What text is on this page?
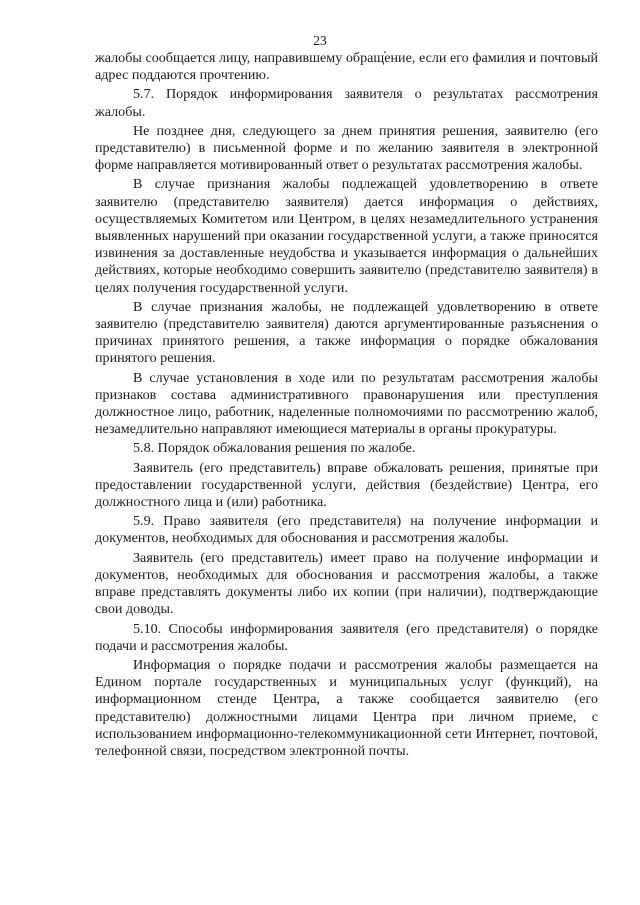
23

жалобы сообщается лицу, направившему обращение, если его фамилия и почтовый адрес поддаются прочтению.

5.7. Порядок информирования заявителя о результатах рассмотрения жалобы.

Не позднее дня, следующего за днем принятия решения, заявителю (его представителю) в письменной форме и по желанию заявителя в электронной форме направляется мотивированный ответ о результатах рассмотрения жалобы.

В случае признания жалобы подлежащей удовлетворению в ответе заявителю (представителю заявителя) дается информация о действиях, осуществляемых Комитетом или Центром, в целях незамедлительного устранения выявленных нарушений при оказании государственной услуги, а также приносятся извинения за доставленные неудобства и указывается информация о дальнейших действиях, которые необходимо совершить заявителю (представителю заявителя) в целях получения государственной услуги.

В случае признания жалобы, не подлежащей удовлетворению в ответе заявителю (представителю заявителя) даются аргументированные разъяснения о причинах принятого решения, а также информация о порядке обжалования принятого решения.

В случае установления в ходе или по результатам рассмотрения жалобы признаков состава административного правонарушения или преступления должностное лицо, работник, наделенные полномочиями по рассмотрению жалоб, незамедлительно направляют имеющиеся материалы в органы прокуратуры.

5.8. Порядок обжалования решения по жалобе.

Заявитель (его представитель) вправе обжаловать решения, принятые при предоставлении государственной услуги, действия (бездействие) Центра, его должностного лица и (или) работника.

5.9. Право заявителя (его представителя) на получение информации и документов, необходимых для обоснования и рассмотрения жалобы.

Заявитель (его представитель) имеет право на получение информации и документов, необходимых для обоснования и рассмотрения жалобы, а также вправе представлять документы либо их копии (при наличии), подтверждающие свои доводы.

5.10. Способы информирования заявителя (его представителя) о порядке подачи и рассмотрения жалобы.

Информация о порядке подачи и рассмотрения жалобы размещается на Едином портале государственных и муниципальных услуг (функций), на информационном стенде Центра, а также сообщается заявителю (его представителю) должностными лицами Центра при личном приеме, с использованием информационно-телекоммуникационной сети Интернет, почтовой, телефонной связи, посредством электронной почты.
